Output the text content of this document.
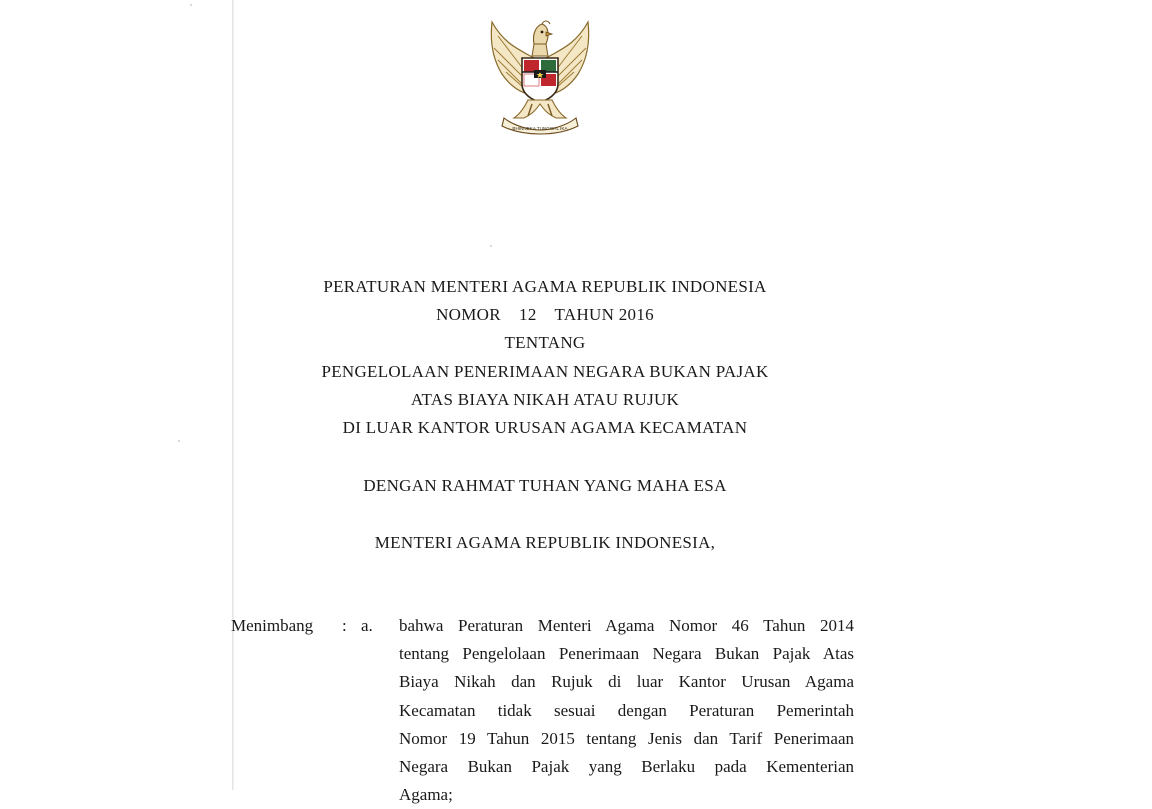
BHINNEKA TUNGGAL IKA
PERATURAN MENTERI AGAMA REPUBLIK INDONESIA
NOMOR    12    TAHUN 2016
TENTANG
PENGELOLAAN PENERIMAAN NEGARA BUKAN PAJAK
ATAS BIAYA NIKAH ATAU RUJUK
DI LUAR KANTOR URUSAN AGAMA KECAMATAN
DENGAN RAHMAT TUHAN YANG MAHA ESA
MENTERI AGAMA REPUBLIK INDONESIA,
Menimbang : a. bahwa Peraturan Menteri Agama Nomor 46 Tahun 2014
tentang Pengelolaan Penerimaan Negara Bukan Pajak Atas
Biaya Nikah dan Rujuk di luar Kantor Urusan Agama
Kecamatan tidak sesuai dengan Peraturan Pemerintah
Nomor 19 Tahun 2015 tentang Jenis dan Tarif Penerimaan
Negara Bukan Pajak yang Berlaku pada Kementerian
Agama;
